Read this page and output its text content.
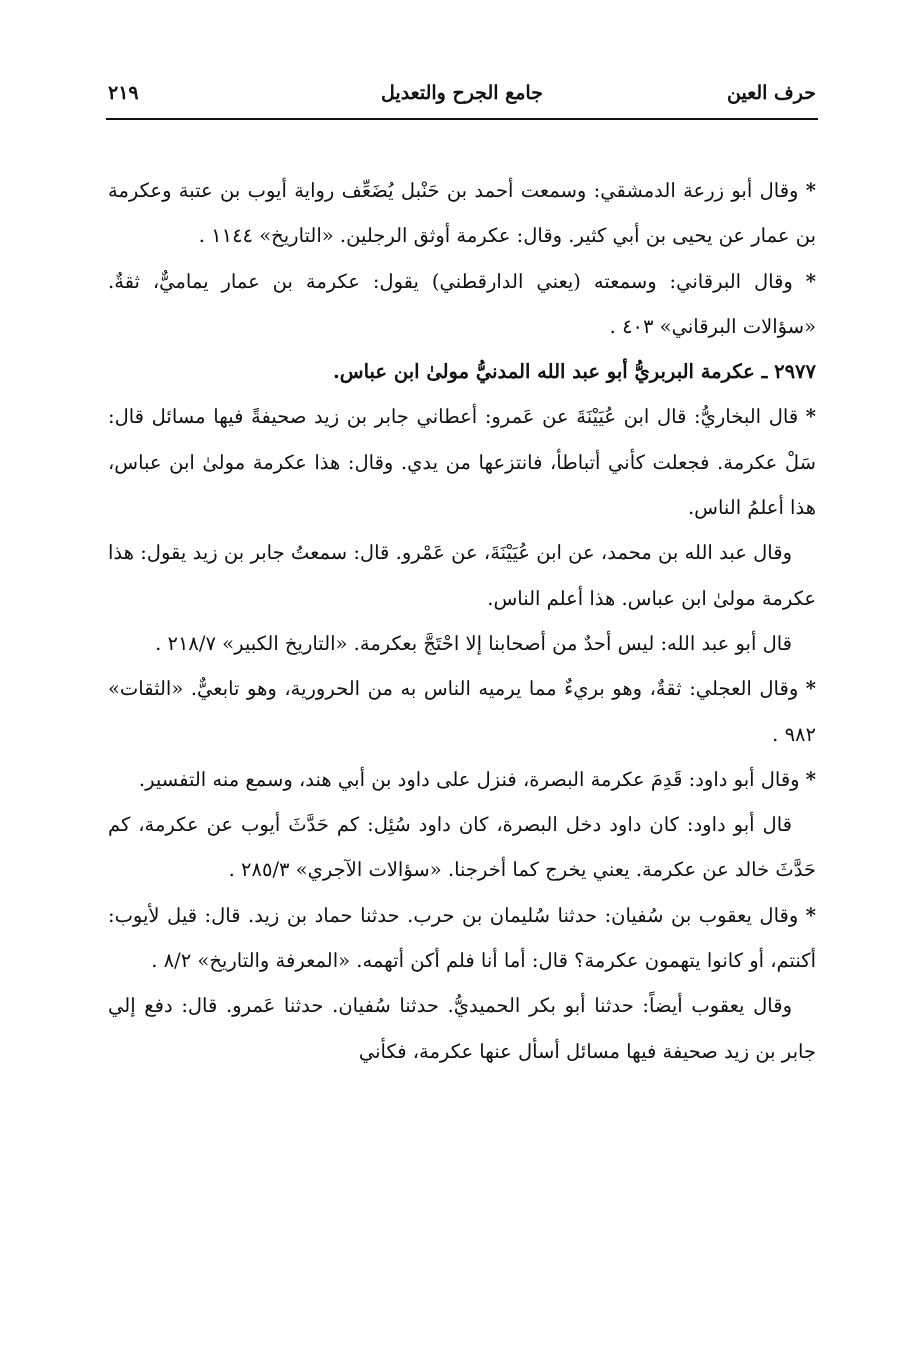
حرف العين
جامع الجرح والتعديل
٢١٩

* وقال أبو زرعة الدمشقي: وسمعت أحمد بن حَنْبل يُضَعِّف رواية أيوب بن عتبة وعكرمة بن عمار عن يحيى بن أبي كثير. وقال: عكرمة أوثق الرجلين. «التاريخ» ١١٤٤ .

* وقال البرقاني: وسمعته (يعني الدارقطني) يقول: عكرمة بن عمار يماميٌّ، ثقةٌ. «سؤالات البرقاني» ٤٠٣ .

٢٩٧٧ ـ عكرمة البربريُّ أبو عبد الله المدنيُّ مولىٰ ابن عباس.

* قال البخاريُّ: قال ابن عُيَيْنَةَ عن عَمرو: أعطاني جابر بن زيد صحيفةً فيها مسائل قال: سَلْ عكرمة. فجعلت كأني أتباطأ، فانتزعها من يدي. وقال: هذا عكرمة مولىٰ ابن عباس، هذا أعلمُ الناس.

وقال عبد الله بن محمد، عن ابن عُيَيْنَةَ، عن عَمْرو. قال: سمعتُ جابر بن زيد يقول: هذا عكرمة مولىٰ ابن عباس. هذا أعلم الناس.

قال أبو عبد الله: ليس أحدٌ من أصحابنا إلا احْتَجَّ بعكرمة. «التاريخ الكبير» ٢١٨/٧ .

* وقال العجلي: ثقةٌ، وهو بريءٌ مما يرميه الناس به من الحرورية، وهو تابعيٌّ. «الثقات» ٩٨٢ .

* وقال أبو داود: قَدِمَ عكرمة البصرة، فنزل على داود بن أبي هند، وسمع منه التفسير.

قال أبو داود: كان داود دخل البصرة، كان داود سُئِل: كم حَدَّثَ أيوب عن عكرمة، كم حَدَّثَ خالد عن عكرمة. يعني يخرج كما أخرجنا. «سؤالات الآجري» ٢٨٥/٣ .

* وقال يعقوب بن سُفيان: حدثنا سُليمان بن حرب. حدثنا حماد بن زيد. قال: قيل لأيوب: أكنتم، أو كانوا يتهمون عكرمة؟ قال: أما أنا فلم أكن أتهمه. «المعرفة والتاريخ» ٨/٢ .

وقال يعقوب أيضاً: حدثنا أبو بكر الحميديُّ. حدثنا سُفيان. حدثنا عَمرو. قال: دفع إلي جابر بن زيد صحيفة فيها مسائل أسأل عنها عكرمة، فكأني
